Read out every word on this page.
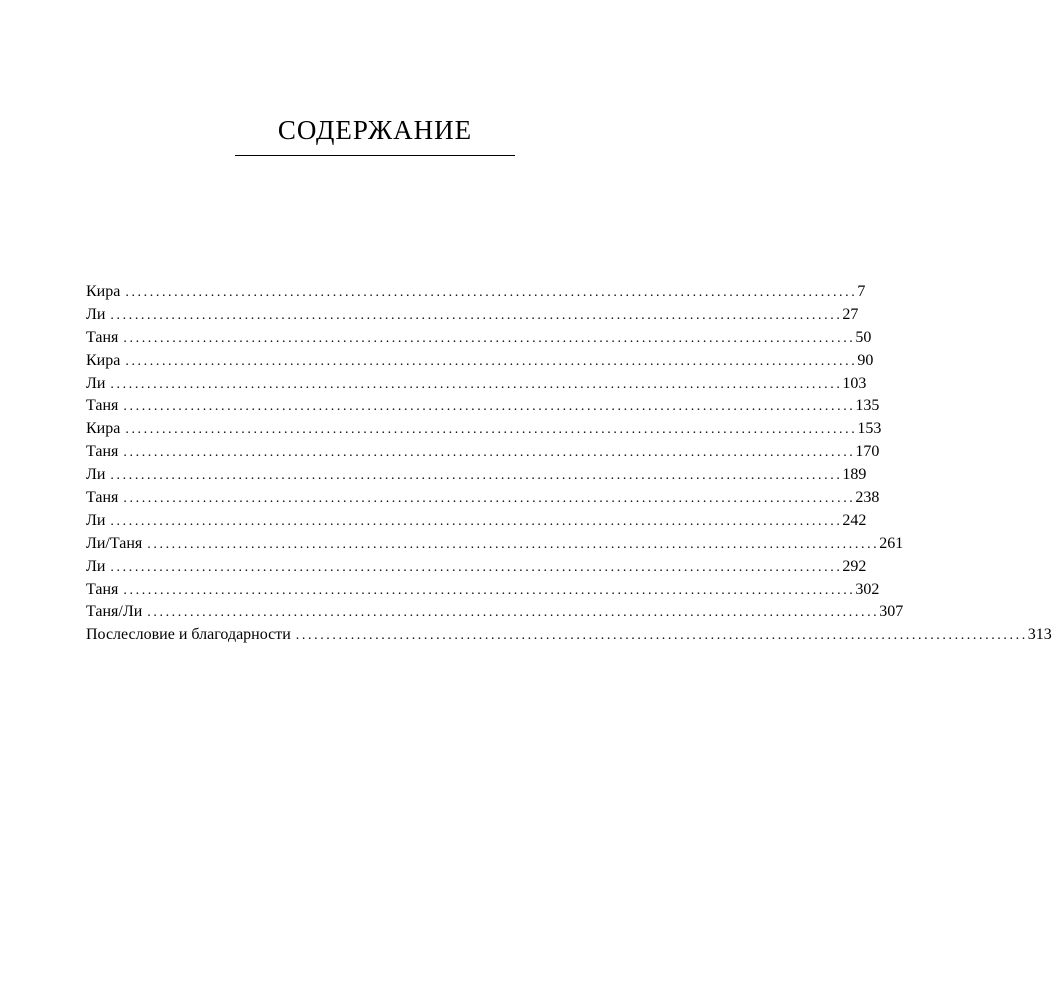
СОДЕРЖАНИЕ
Кира ........................................................................................................................ 7
Ли ........................................................................................................................ 27
Таня ........................................................................................................................ 50
Кира ........................................................................................................................ 90
Ли ........................................................................................................................ 103
Таня ........................................................................................................................ 135
Кира ........................................................................................................................ 153
Таня ........................................................................................................................ 170
Ли ........................................................................................................................ 189
Таня ........................................................................................................................ 238
Ли ........................................................................................................................ 242
Ли/Таня ........................................................................................................................ 261
Ли ........................................................................................................................ 292
Таня ........................................................................................................................ 302
Таня/Ли ........................................................................................................................ 307
Послесловие и благодарности ........................................................................................................................ 313
